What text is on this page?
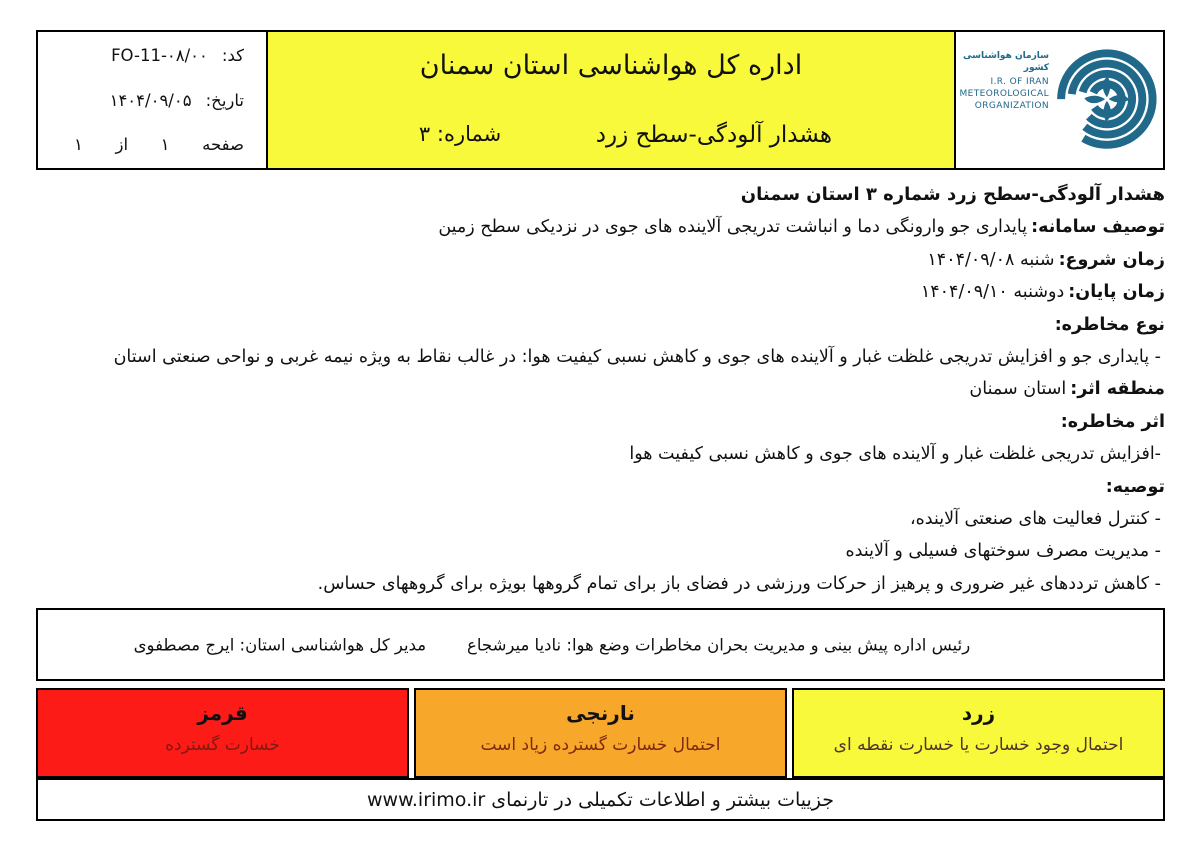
سازمان هواشناسی کشور
I.R. OF IRAN
METEOROLOGICAL
ORGANIZATION
اداره کل هواشناسی استان سمنان
هشدار آلودگی-سطح زرد
شماره: ۳
کد:
FO-11-۰۸/۰۰
تاریخ:
۱۴۰۴/۰۹/۰۵
صفحه
۱
از
۱
هشدار آلودگی-سطح زرد شماره ۳ استان سمنان
توصیف سامانه:پایداری جو وارونگی دما و انباشت تدریجی آلاینده های جوی در نزدیکی سطح زمین
زمان شروع:شنبه ۱۴۰۴/۰۹/۰۸
زمان پایان:دوشنبه ۱۴۰۴/۰۹/۱۰
نوع مخاطره:
- پایداری جو و افزایش تدریجی غلظت غبار و آلاینده های جوی و کاهش نسبی کیفیت هوا: در غالب نقاط به ویژه نیمه غربی و نواحی صنعتی استان
منطقه اثر:استان سمنان
اثر مخاطره:
-افزایش تدریجی غلظت غبار و آلاینده های جوی و کاهش نسبی کیفیت هوا
توصیه:
- کنترل فعالیت های صنعتی آلاینده،
- مدیریت مصرف سوختهای فسیلی و آلاینده
- کاهش ترددهای غیر ضروری و پرهیز از حرکات ورزشی در فضای باز برای تمام گروهها بویژه برای گروههای حساس.
رئیس اداره پیش بینی و مدیریت بحران مخاطرات وضع هوا: نادیا میرشجاع
مدیر کل هواشناسی استان: ایرج مصطفوی
قرمز
خسارت گسترده
نارنجی
احتمال خسارت گسترده زیاد است
زرد
احتمال وجود خسارت یا خسارت نقطه ای
جزییات بیشتر و اطلاعات تکمیلی در تارنمای www.irimo.ir
